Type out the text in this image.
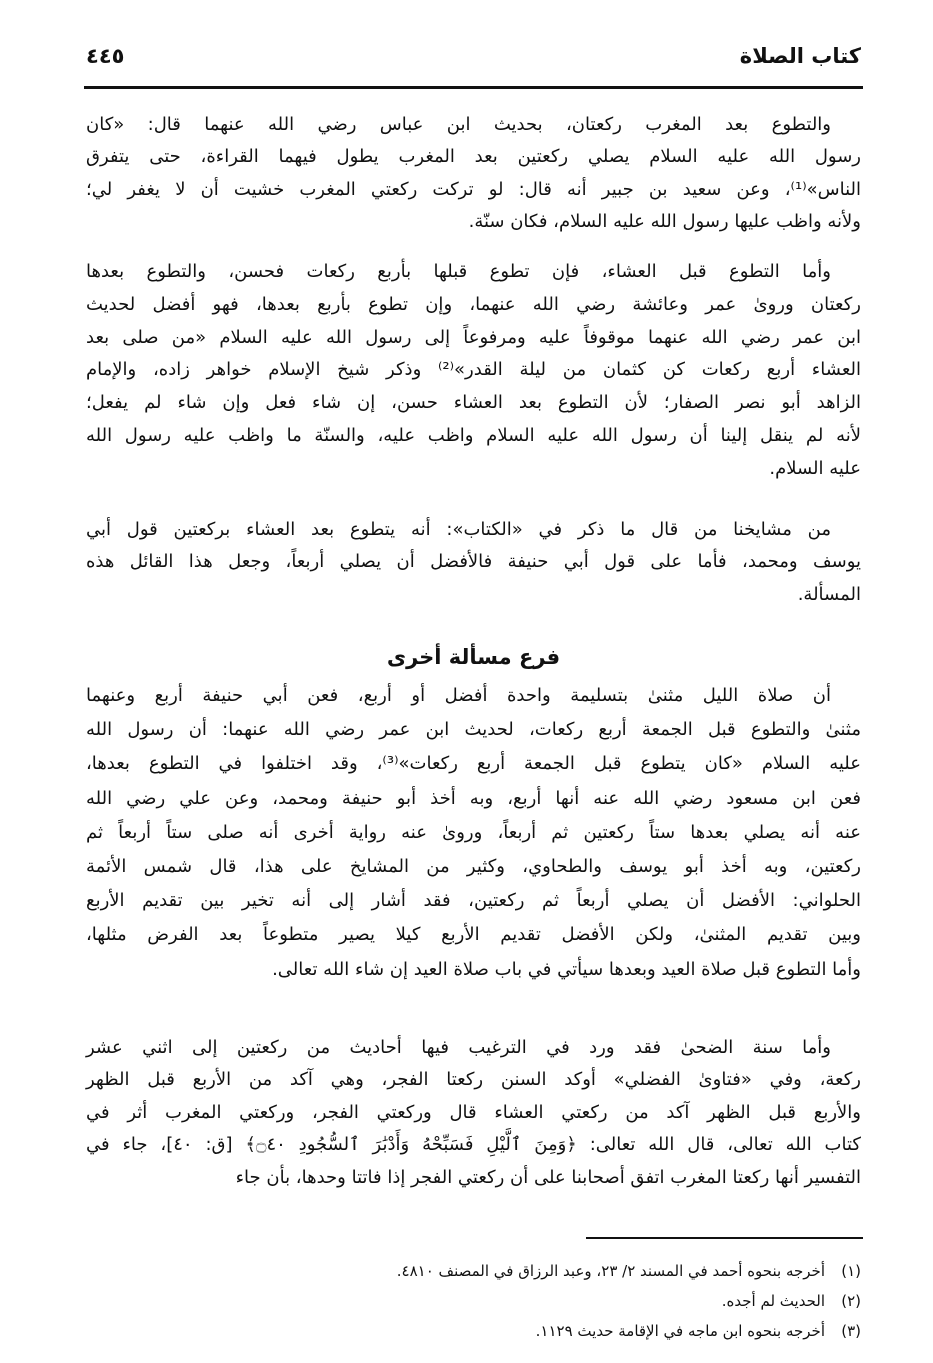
كتاب الصلاة
٤٤٥
والتطوع بعد المغرب ركعتان، بحديث ابن عباس رضي الله عنهما قال: «كان
رسول الله عليه السلام يصلي ركعتين بعد المغرب يطول فيهما القراءة، حتى يتفرق
الناس»⁽¹⁾، وعن سعيد بن جبير أنه قال: لو تركت ركعتي المغرب خشيت أن لا يغفر لي؛
ولأنه واظب عليها رسول الله عليه السلام، فكان سنّة.
وأما التطوع قبل العشاء، فإن تطوع قبلها بأربع ركعات فحسن، والتطوع بعدها
ركعتان وروىٰ عمر وعائشة رضي الله عنهما، وإن تطوع بأربع بعدها، فهو أفضل لحديث
ابن عمر رضي الله عنهما موقوفاً عليه ومرفوعاً إلى رسول الله عليه السلام «من صلى بعد
العشاء أربع ركعات كن كثمان من ليلة القدر»⁽²⁾ وذكر شيخ الإسلام خواهر زاده، والإمام
الزاهد أبو نصر الصفار؛ لأن التطوع بعد العشاء حسن، إن شاء فعل وإن شاء لم يفعل؛
لأنه لم ينقل إلينا أن رسول الله عليه السلام واظب عليه، والسنّة ما واظب عليه رسول الله
عليه السلام.
من مشايخنا من قال ما ذكر في «الكتاب»: أنه يتطوع بعد العشاء بركعتين قول أبي
يوسف ومحمد، فأما على قول أبي حنيفة فالأفضل أن يصلي أربعاً، وجعل هذا القائل هذه
المسألة.
أن صلاة الليل مثنىٰ بتسليمة واحدة أفضل أو أربع، فعن أبي حنيفة أربع وعنهما
مثنىٰ والتطوع قبل الجمعة أربع ركعات، لحديث ابن عمر رضي الله عنهما: أن رسول الله
عليه السلام «كان يتطوع قبل الجمعة أربع ركعات»⁽³⁾، وقد اختلفوا في التطوع بعدها،
فعن ابن مسعود رضي الله عنه أنها أربع، وبه أخذ أبو حنيفة ومحمد، وعن علي رضي الله
عنه أنه يصلي بعدها ستاً ركعتين ثم أربعاً، وروىٰ عنه رواية أخرى أنه صلى ستاً أربعاً ثم
ركعتين، وبه أخذ أبو يوسف والطحاوي، وكثير من المشايخ على هذا، قال شمس الأئمة
الحلواني: الأفضل أن يصلي أربعاً ثم ركعتين، فقد أشار إلى أنه تخير بين تقديم الأربع
وبين تقديم المثنىٰ، ولكن الأفضل تقديم الأربع كيلا يصير متطوعاً بعد الفرض مثلها،
وأما التطوع قبل صلاة العيد وبعدها سيأتي في باب صلاة العيد إن شاء الله تعالى.
وأما سنة الضحىٰ فقد ورد في الترغيب فيها أحاديث من ركعتين إلى اثني عشر
ركعة، وفي «فتاوىٰ الفضلي» أوكد السنن ركعتا الفجر، وهي آكد من الأربع قبل الظهر
والأربع قبل الظهر آكد من ركعتي العشاء قال وركعتي الفجر، وركعتي المغرب أثر في
كتاب الله تعالى، قال الله تعالى: ﴿وَمِنَ ٱلَّيْلِ فَسَبِّحْهُ وَأَدْبَٰرَ ٱلسُّجُودِ ۝٤٠﴾ [ق: ٤٠]، جاء في
التفسير أنها ركعتا المغرب اتفق أصحابنا على أن ركعتي الفجر إذا فاتتا وحدها، بأن جاء
فرع مسألة أخرى
(١)أخرجه بنحوه أحمد في المسند ٢/ ٢٣، وعبد الرزاق في المصنف ٤٨١٠.
(٢)الحديث لم أجده.
(٣)أخرجه بنحوه ابن ماجه في الإقامة حديث ١١٢٩.
